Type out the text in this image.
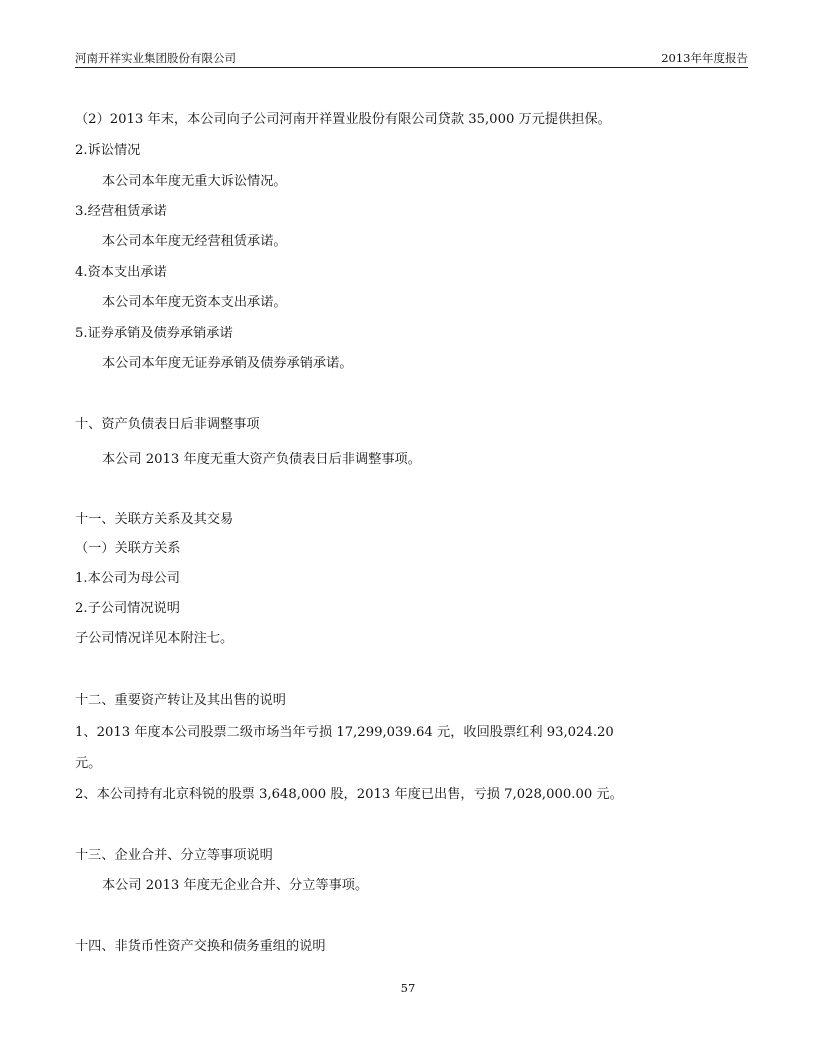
河南开祥实业集团股份有限公司	2013年年度报告
（2）2013 年末，本公司向子公司河南开祥置业股份有限公司贷款 35,000 万元提供担保。
2.诉讼情况
本公司本年度无重大诉讼情况。
3.经营租赁承诺
本公司本年度无经营租赁承诺。
4.资本支出承诺
本公司本年度无资本支出承诺。
5.证券承销及债券承销承诺
本公司本年度无证券承销及债券承销承诺。
十、资产负债表日后非调整事项
本公司 2013 年度无重大资产负债表日后非调整事项。
十一、关联方关系及其交易
（一）关联方关系
1.本公司为母公司
2.子公司情况说明
子公司情况详见本附注七。
十二、重要资产转让及其出售的说明
1、2013 年度本公司股票二级市场当年亏损 17,299,039.64 元，收回股票红利 93,024.20
元。
2、本公司持有北京科锐的股票 3,648,000 股，2013 年度已出售，亏损 7,028,000.00 元。
十三、企业合并、分立等事项说明
本公司 2013 年度无企业合并、分立等事项。
十四、非货币性资产交换和债务重组的说明
57
